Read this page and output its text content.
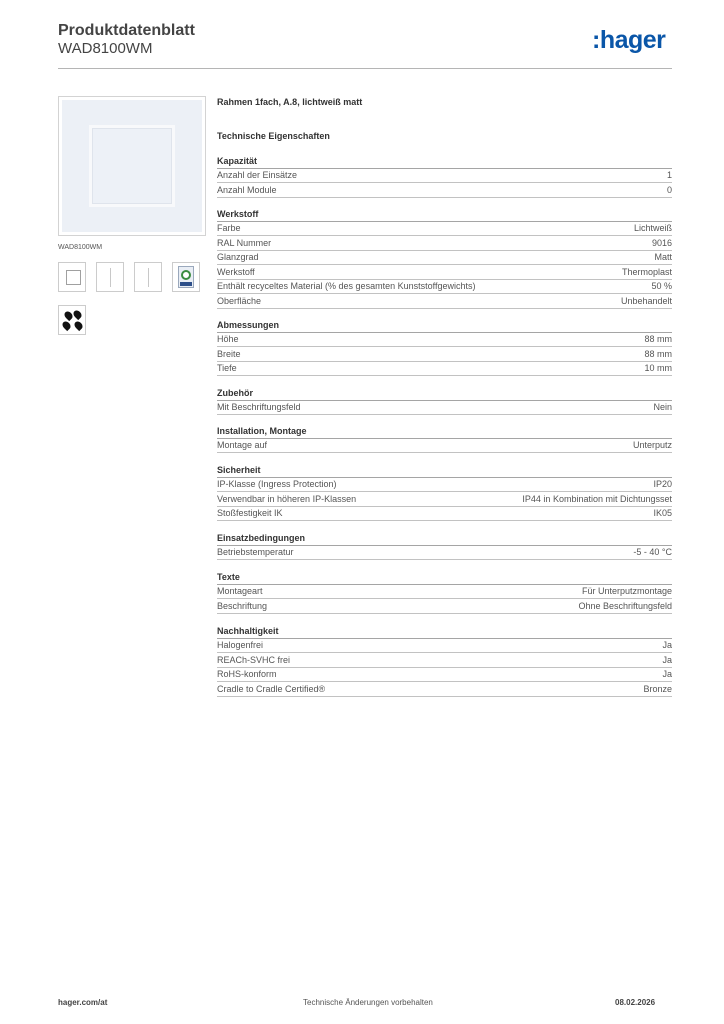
Produktdatenblatt
WAD8100WM	:hager
WAD8100WM
Rahmen 1fach, A.8, lichtweiß matt
Technische Eigenschaften
Kapazität
Anzahl der Einsätze	1
Anzahl Module	0
Werkstoff
Farbe	Lichtweiß
RAL Nummer	9016
Glanzgrad	Matt
Werkstoff	Thermoplast
Enthält recyceltes Material (% des gesamten Kunststoffgewichts)	50 %
Oberfläche	Unbehandelt
Abmessungen
Höhe	88 mm
Breite	88 mm
Tiefe	10 mm
Zubehör
Mit Beschriftungsfeld	Nein
Installation, Montage
Montage auf	Unterputz
Sicherheit
IP-Klasse (Ingress Protection)	IP20
Verwendbar in höheren IP-Klassen	IP44 in Kombination mit Dichtungsset
Stoßfestigkeit IK	IK05
Einsatzbedingungen
Betriebstemperatur	-5 - 40 °C
Texte
Montageart	Für Unterputzmontage
Beschriftung	Ohne Beschriftungsfeld
Nachhaltigkeit
Halogenfrei	Ja
REACh-SVHC frei	Ja
RoHS-konform	Ja
Cradle to Cradle Certified®	Bronze
hager.com/at	Technische Änderungen vorbehalten	08.02.2026
